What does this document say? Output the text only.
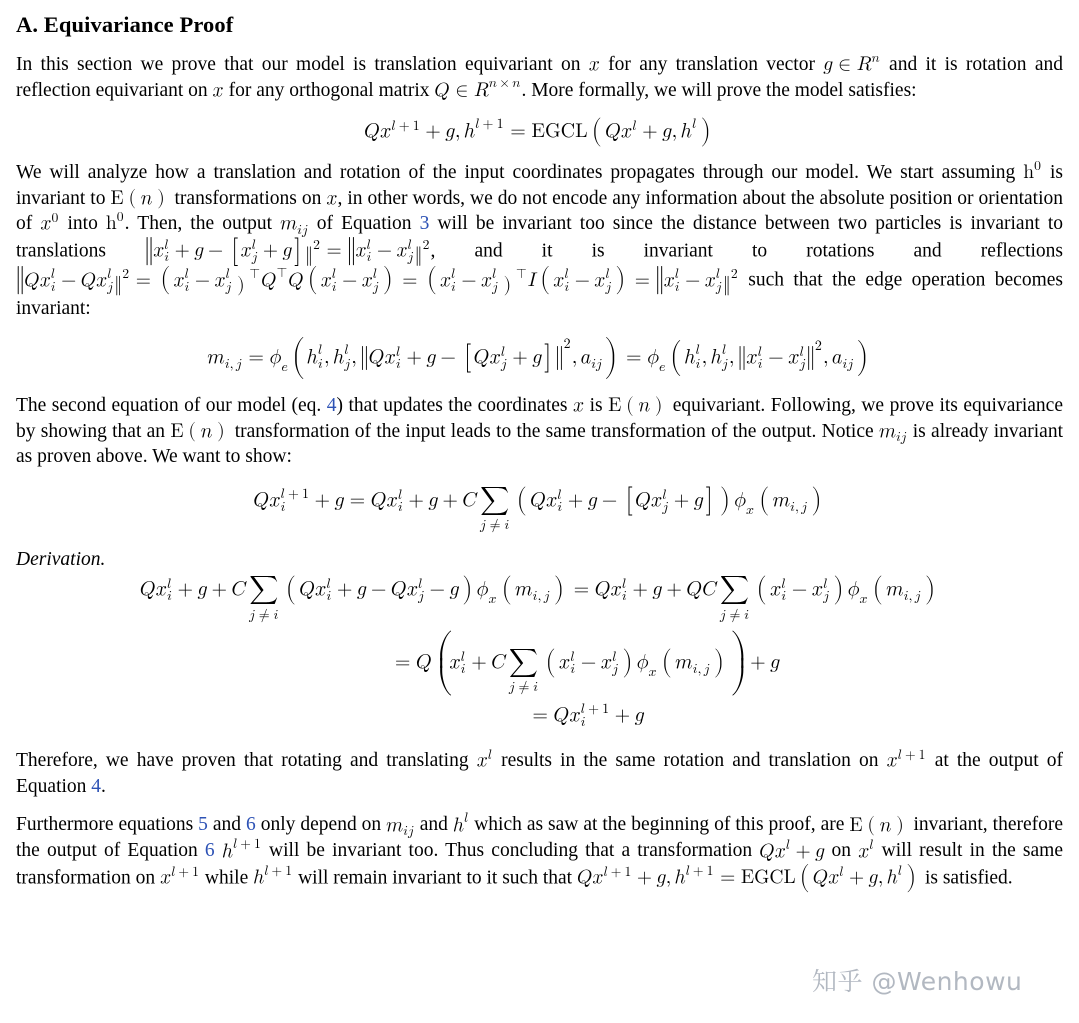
A. Equivariance Proof

In this section we prove that our model is translation equivariant on x for any translation vector g ∈ R n and it is rotation and reflection equivariant on x for any orthogonal matrix Q ∈ R n × n . More formally, we will prove the model satisfies:

𝑄 x l + 1 + g , h l + 1 = EGCL ( Q x l + g , h l )

We will analyze how a translation and rotation of the input coordinates propagates through our model. We start assuming h 0 is invariant to E ( n ) transformations on x , in other words, we do not encode any information about the absolute position or orientation of x 0 into h 0 . Then, the output m i j of Equation 3 will be invariant too since the distance between two particles is invariant to translations ‖ x i
𝑙 + g − [ x j
𝑙 + g ] ‖
2 = ‖ x i
𝑙 − x j
𝑙
‖
2 , and it is invariant to rotations and reflections
‖ Q x i
𝑙 − Q x j
𝑙
‖
2 = ( x i
𝑙 − x j
𝑙
)
⊤ Q ⊤ Q ( x i
𝑙 − x j
𝑙 ) = ( x i
𝑙 − x j
𝑙
)
⊤ I ( x i
𝑙 − x j
𝑙 ) = ‖ x i
𝑙 − x j
𝑙
‖
2 such that the edge operation becomes invariant:

𝑚 i , j = ϕ e
( h i
𝑙 , h j
𝑙 , ‖ Q x i
𝑙 + g − [ Q x j
𝑙 + g ] ‖
2
, a i j
) = ϕ e
( h i
𝑙 , h j
𝑙 , ‖ x i
𝑙 − x j
𝑙 ‖
2
, a i j
)

The second equation of our model (eq. 4) that updates the coordinates x is E ( n ) equivariant. Following, we prove its equivariance by showing that an E ( n ) transformation of the input leads to the same transformation of the output. Notice m i j is already invariant as proven above. We want to show:

𝑄 x i
𝑙 + 1 + g = Q x i
𝑙 + g + C ∑
𝑗 ≠ i
( Q x i
𝑙 + g − [ Q x j
𝑙 + g ] ) ϕ x
( m i , j )
Derivation.
𝑄 x i
𝑙 + g + C ∑
𝑗 ≠ i
( Q x i
𝑙 + g − Q x j
𝑙 − g ) ϕ x
( m i , j ) = Q x i
𝑙 + g + Q C ∑
𝑗 ≠ i
( x i
𝑙 − x j
𝑙 ) ϕ x
( m i , j )
= Q
(
𝑥 i
𝑙 + C ∑
𝑗 ≠ i
( x i
𝑙 − x j
𝑙 ) ϕ x
( m i , j )
)
+ g
= Q x i
𝑙 + 1 + g

Therefore, we have proven that rotating and translating x l results in the same rotation and translation on x l + 1 at the output of Equation 4.

Furthermore equations 5 and 6 only depend on m i j and h l which as saw at the beginning of this proof, are E ( n ) invariant, therefore the output of Equation 6 h l + 1 will be invariant too. Thus concluding that a transformation Q x l + g on x l will result in the same transformation on x l + 1 while h l + 1 will remain invariant to it such that Q x l + 1 + g , h l + 1 = EGCL ( Q x l + g , h l ) is satisfied.

知乎 @Wenhowu
